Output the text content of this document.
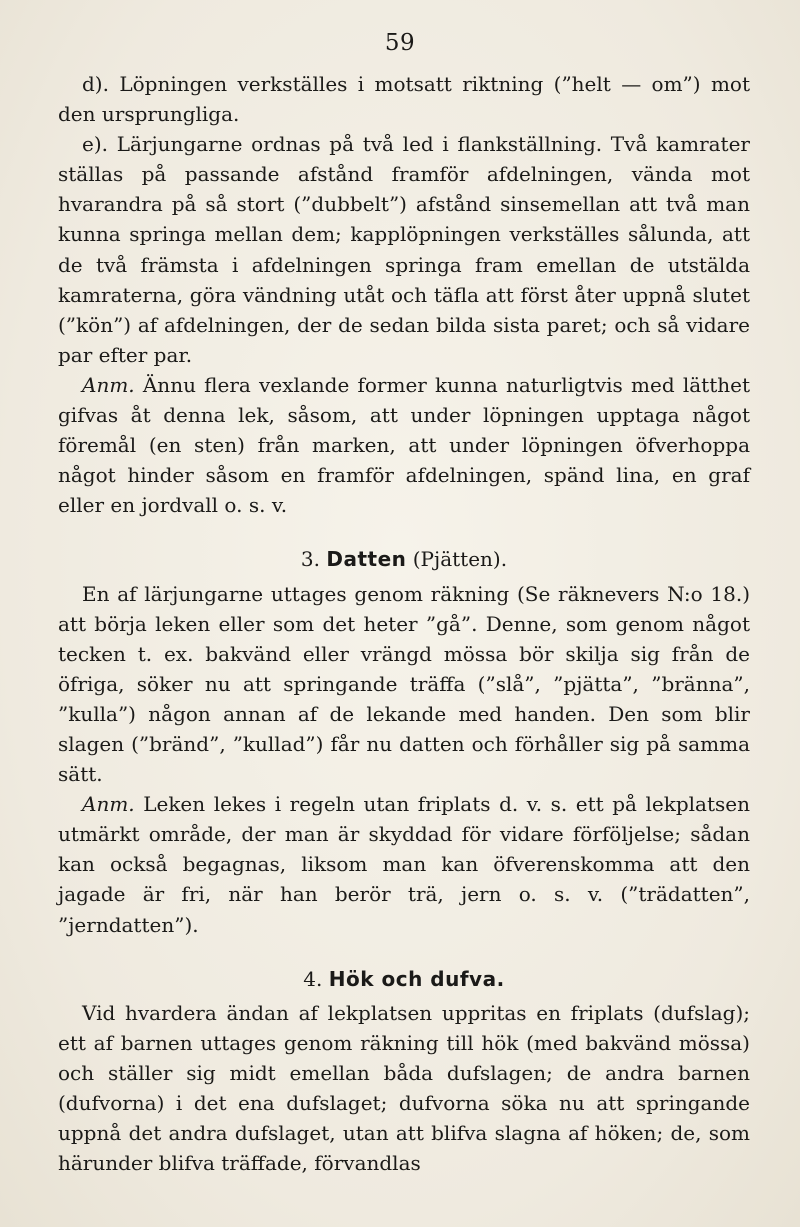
59

d). Löpningen verkställes i motsatt riktning (”helt — om”) mot den ursprungliga.

e). Lärjungarne ordnas på två led i flankställning. Två kamrater ställas på passande afstånd framför afdelningen, vända mot hvarandra på så stort (”dubbelt”) afstånd sinsemellan att två man kunna springa mellan dem; kapplöpningen verkställes sålunda, att de två främsta i afdelningen springa fram emellan de utstälda kamraterna, göra vändning utåt och täfla att först åter uppnå slutet (”kön”) af afdelningen, der de sedan bilda sista paret; och så vidare par efter par.

Anm. Ännu flera vexlande former kunna naturligtvis med lätthet gifvas åt denna lek, såsom, att under löpningen upptaga något föremål (en sten) från marken, att under löpningen öfverhoppa något hinder såsom en framför afdelningen, spänd lina, en graf eller en jordvall o. s. v.

3. Datten (Pjätten).

En af lärjungarne uttages genom räkning (Se räknevers N:o 18.) att börja leken eller som det heter ”gå”. Denne, som genom något tecken t. ex. bakvänd eller vrängd mössa bör skilja sig från de öfriga, söker nu att springande träffa (”slå”, ”pjätta”, ”bränna”, ”kulla”) någon annan af de lekande med handen. Den som blir slagen (”bränd”, ”kullad”) får nu datten och förhåller sig på samma sätt.

Anm. Leken lekes i regeln utan friplats d. v. s. ett på lekplatsen utmärkt område, der man är skyddad för vidare förföljelse; sådan kan också begagnas, liksom man kan öfverenskomma att den jagade är fri, när han berör trä, jern o. s. v. (”trädatten”, ”jerndatten”).

4. Hök och dufva.

Vid hvardera ändan af lekplatsen uppritas en friplats (dufslag); ett af barnen uttages genom räkning till hök (med bakvänd mössa) och ställer sig midt emellan båda dufslagen; de andra barnen (dufvorna) i det ena dufslaget; dufvorna söka nu att springande uppnå det andra dufslaget, utan att blifva slagna af höken; de, som härunder blifva träffade, förvandlas
